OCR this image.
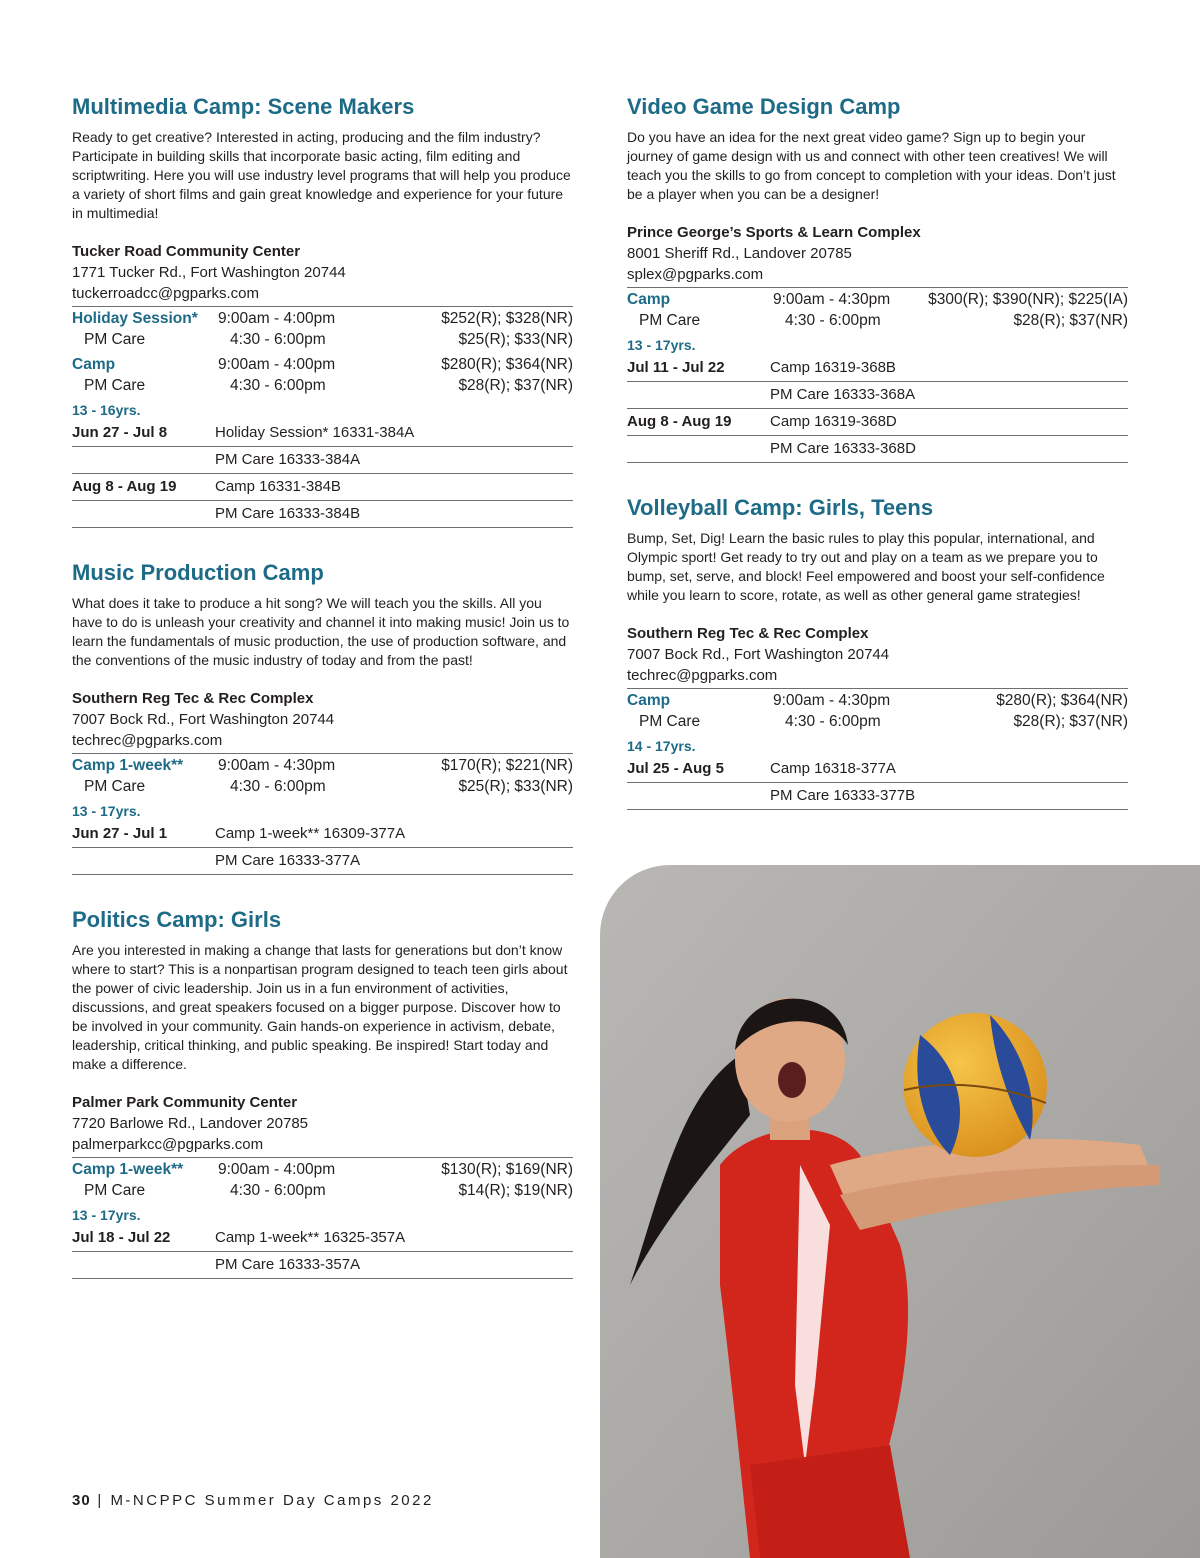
Multimedia Camp: Scene Makers

Ready to get creative? Interested in acting, producing and the film industry? Participate in building skills that incorporate basic acting, film editing and scriptwriting. Here you will use industry level programs that will help you produce a variety of short films and gain great knowledge and experience for your future in multimedia!

Tucker Road Community Center
1771 Tucker Rd., Fort Washington 20744
tuckerroadcc@pgparks.com
Holiday Session*	9:00am - 4:00pm	$252(R); $328(NR)
PM Care	4:30 - 6:00pm	$25(R); $33(NR)
Camp	9:00am - 4:00pm	$280(R); $364(NR)
PM Care	4:30 - 6:00pm	$28(R); $37(NR)
13 - 16yrs.
Jun 27 - Jul 8	Holiday Session* 16331-384A
PM Care 16333-384A
Aug 8 - Aug 19	Camp 16331-384B
PM Care 16333-384B
Music Production Camp

What does it take to produce a hit song? We will teach you the skills. All you have to do is unleash your creativity and channel it into making music! Join us to learn the fundamentals of music production, the use of production software, and the conventions of the music industry of today and from the past!

Southern Reg Tec & Rec Complex
7007 Bock Rd., Fort Washington 20744
techrec@pgparks.com
Camp 1-week**	9:00am - 4:30pm	$170(R); $221(NR)
PM Care	4:30 - 6:00pm	$25(R); $33(NR)
13 - 17yrs.
Jun 27 - Jul 1	Camp 1-week** 16309-377A
PM Care 16333-377A
Politics Camp: Girls

Are you interested in making a change that lasts for generations but don’t know where to start? This is a nonpartisan program designed to teach teen girls about the power of civic leadership. Join us in a fun environment of activities, discussions, and great speakers focused on a bigger purpose. Discover how to be involved in your community. Gain hands-on experience in activism, debate, leadership, critical thinking, and public speaking. Be inspired! Start today and make a difference.

Palmer Park Community Center
7720 Barlowe Rd., Landover 20785
palmerparkcc@pgparks.com
Camp 1-week**	9:00am - 4:00pm	$130(R); $169(NR)
PM Care	4:30 - 6:00pm	$14(R); $19(NR)
13 - 17yrs.
Jul 18 - Jul 22	Camp 1-week** 16325-357A
PM Care 16333-357A
Video Game Design Camp

Do you have an idea for the next great video game? Sign up to begin your journey of game design with us and connect with other teen creatives! We will teach you the skills to go from concept to completion with your ideas. Don’t just be a player when you can be a designer!

Prince George’s Sports & Learn Complex
8001 Sheriff Rd., Landover 20785
splex@pgparks.com
Camp	9:00am - 4:30pm	$300(R); $390(NR); $225(IA)
PM Care	4:30 - 6:00pm	$28(R); $37(NR)
13 - 17yrs.
Jul 11 - Jul 22	Camp 16319-368B
PM Care 16333-368A
Aug 8 - Aug 19	Camp 16319-368D
PM Care 16333-368D
Volleyball Camp: Girls, Teens

Bump, Set, Dig! Learn the basic rules to play this popular, international, and Olympic sport! Get ready to try out and play on a team as we prepare you to bump, set, serve, and block! Feel empowered and boost your self-confidence while you learn to score, rotate, as well as other general game strategies!

Southern Reg Tec & Rec Complex
7007 Bock Rd., Fort Washington 20744
techrec@pgparks.com
Camp	9:00am - 4:30pm	$280(R); $364(NR)
PM Care	4:30 - 6:00pm	$28(R); $37(NR)
14 - 17yrs.
Jul 25 - Aug 5	Camp 16318-377A
PM Care 16333-377B
30 | M-NCPPC Summer Day Camps 2022
